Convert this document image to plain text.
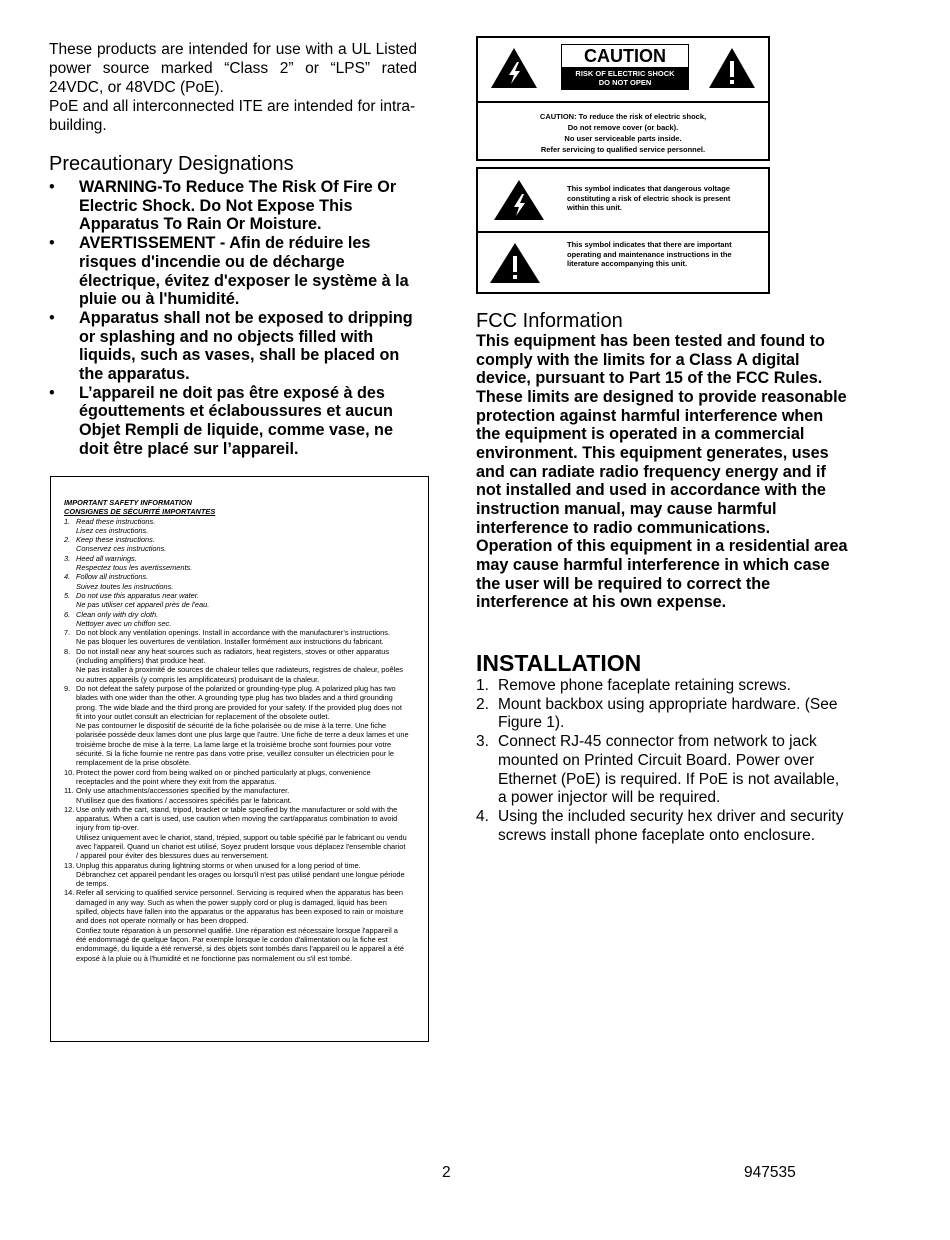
These products are intended for use with a UL Listed power source marked “Class 2” or “LPS” rated 24VDC, or 48VDC (PoE).

PoE and all interconnected ITE are intended for intra-building.

Precautionary Designations
• WARNING-To Reduce The Risk Of Fire Or Electric Shock. Do Not Expose This Apparatus To Rain Or Moisture.
• AVERTISSEMENT - Afin de réduire les risques d'incendie ou de décharge électrique, évitez d'exposer le système à la pluie ou à l'humidité.
• Apparatus shall not be exposed to dripping or splashing and no objects filled with liquids, such as vases, shall be placed on the apparatus.
• L’appareil ne doit pas être exposé à des égouttements et éclaboussures et aucun Objet Rempli de liquide, comme vase, ne doit être placé sur l’appareil.
IMPORTANT SAFETY INFORMATION
CONSIGNES DE SÉCURITÉ IMPORTANTES
1. Read these instructions.
Lisez ces instructions.
2. Keep these instructions.
Conservez ces instructions.
3. Heed all warnings.
Respectez tous les avertissements.
4. Follow all instructions.
Suivez toutes les instructions.
5. Do not use this apparatus near water.
Ne pas utiliser cet appareil près de l'eau.
6. Clean only with dry cloth.
Nettoyer avec un chiffon sec.
7. Do not block any ventilation openings. Install in accordance with the manufacturer’s instructions.
Ne pas bloquer les ouvertures de ventilation. Installer formément aux instructions du fabricant.
8. Do not install near any heat sources such as radiators, heat registers, stoves or other apparatus (including amplifiers) that produce heat.
Ne pas installer à proximité de sources de chaleur telles que radiateurs, registres de chaleur, poêles ou autres appareils (y compris les amplificateurs) produisant de la chaleur.
9. Do not defeat the safety purpose of the polarized or grounding-type plug. A polarized plug has two blades with one wider than the other. A grounding type plug has two blades and a third grounding prong. The wide blade and the third prong are provided for your safety. If the provided plug does not fit into your outlet consult an electrician for replacement of the obsolete outlet.
Ne pas contourner le dispositif de sécurité de la fiche polarisée ou de mise à la terre. Une fiche polarisée possède deux lames dont une plus large que l'autre. Une fiche de terre a deux lames et une troisième broche de mise à la terre. La lame large et la troisième broche sont fournies pour votre sécurité. Si la fiche fournie ne rentre pas dans votre prise, veuillez consulter un électricien pour le remplacement de la prise obsolète.
10. Protect the power cord from being walked on or pinched particularly at plugs, convenience receptacles and the point where they exit from the apparatus.
11. Only use attachments/accessories specified by the manufacturer.
N'utilisez que des fixations / accessoires spécifiés par le fabricant.
12. Use only with the cart, stand, tripod, bracket or table specified by the manufacturer or sold with the apparatus. When a cart is used, use caution when moving the cart/apparatus combination to avoid injury from tip-over.
Utilisez uniquement avec le chariot, stand, trépied, support ou table spécifié par le fabricant ou vendu avec l'appareil. Quand un chariot est utilisé, Soyez prudent lorsque vous déplacez l'ensemble chariot / appareil pour éviter des blessures dues au renversement.
13. Unplug this apparatus during lightning storms or when unused for a long period of time.
Débranchez cet appareil pendant les orages ou lorsqu'il n'est pas utilisé pendant une longue période de temps.
14. Refer all servicing to qualified service personnel. Servicing is required when the apparatus has been damaged in any way. Such as when the power supply cord or plug is damaged, liquid has been spilled, objects have fallen into the apparatus or the apparatus has been exposed to rain or moisture and does not operate normally or has been dropped.
Confiez toute réparation à un personnel qualifié. Une réparation est nécessaire lorsque l'appareil a été endommagé de quelque façon. Par exemple lorsque le cordon d'alimentation ou la fiche est endommagé, du liquide a été renversé, si des objets sont tombés dans l'appareil ou le appareil a été exposé à la pluie ou à l'humidité et ne fonctionne pas normalement ou s'il est tombé.
CAUTION
RISK OF ELECTRIC SHOCK
DO NOT OPEN
CAUTION: To reduce the risk of electric shock,
Do not remove cover (or back).
No user serviceable parts inside.
Refer servicing to qualified service personnel.
This symbol indicates that dangerous voltage constituting a risk of electric shock is present within this unit.
This symbol indicates that there are important operating and maintenance instructions in the literature accompanying this unit.
FCC Information

This equipment has been tested and found to comply with the limits for a Class A digital device, pursuant to Part 15 of the FCC Rules. These limits are designed to provide reasonable protection against harmful interference when the equipment is operated in a commercial environment. This equipment generates, uses and can radiate radio frequency energy and if not installed and used in accordance with the instruction manual, may cause harmful interference to radio communications. Operation of this equipment in a residential area may cause harmful interference in which case the user will be required to correct the interference at his own expense.

INSTALLATION
1. Remove phone faceplate retaining screws.
2. Mount backbox using appropriate hardware. (See Figure 1).
3. Connect RJ-45 connector from network to jack mounted on Printed Circuit Board. Power over Ethernet (PoE) is required. If PoE is not available, a power injector will be required.
4. Using the included security hex driver and security screws install phone faceplate onto enclosure.
2	947535
